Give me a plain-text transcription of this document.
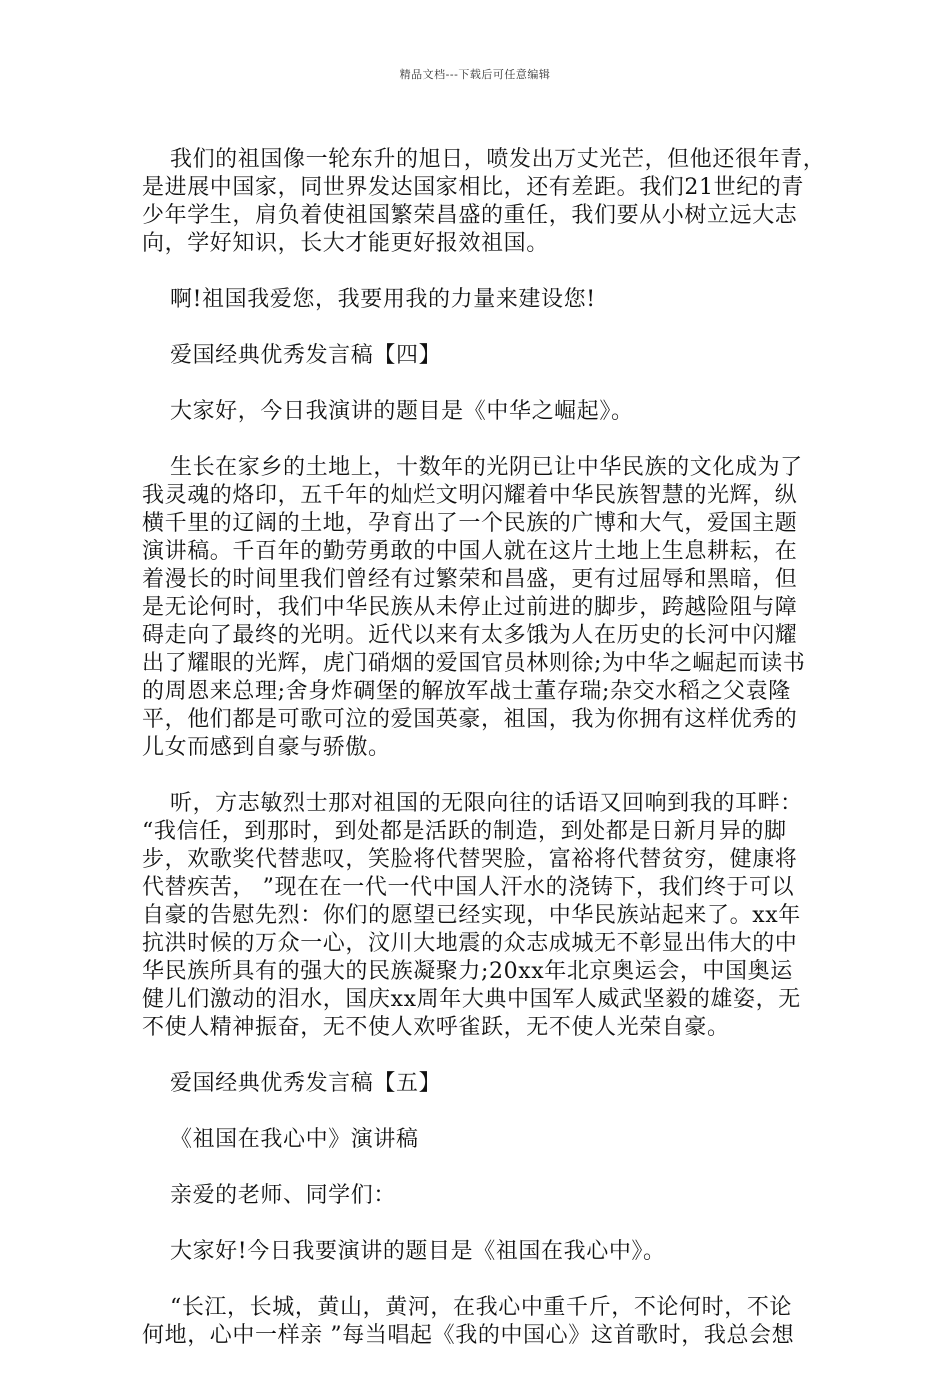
精品文档---下载后可任意编辑
我们的祖国像一轮东升的旭日，喷发出万丈光芒，但他还很年青，
是进展中国家，同世界发达国家相比，还有差距。我们21世纪的青
少年学生，肩负着使祖国繁荣昌盛的重任，我们要从小树立远大志
向，学好知识，长大才能更好报效祖国。
啊!祖国我爱您，我要用我的力量来建设您!
爱国经典优秀发言稿【四】
大家好，今日我演讲的题目是《中华之崛起》。
生长在家乡的土地上，十数年的光阴已让中华民族的文化成为了
我灵魂的烙印，五千年的灿烂文明闪耀着中华民族智慧的光辉，纵
横千里的辽阔的土地，孕育出了一个民族的广博和大气，爱国主题
演讲稿。千百年的勤劳勇敢的中国人就在这片土地上生息耕耘，在
着漫长的时间里我们曾经有过繁荣和昌盛，更有过屈辱和黑暗，但
是无论何时，我们中华民族从未停止过前进的脚步，跨越险阻与障
碍走向了最终的光明。近代以来有太多饿为人在历史的长河中闪耀
出了耀眼的光辉，虎门硝烟的爱国官员林则徐;为中华之崛起而读书
的周恩来总理;舍身炸碉堡的解放军战士董存瑞;杂交水稻之父袁隆
平，他们都是可歌可泣的爱国英豪，祖国，我为你拥有这样优秀的
儿女而感到自豪与骄傲。
听，方志敏烈士那对祖国的无限向往的话语又回响到我的耳畔：
“我信任，到那时，到处都是活跃的制造，到处都是日新月异的脚
步，欢歌奖代替悲叹，笑脸将代替哭脸，富裕将代替贫穷，健康将
代替疾苦， ”现在在一代一代中国人汗水的浇铸下，我们终于可以
自豪的告慰先烈：你们的愿望已经实现，中华民族站起来了。xx年
抗洪时候的万众一心，汶川大地震的众志成城无不彰显出伟大的中
华民族所具有的强大的民族凝聚力;20xx年北京奥运会，中国奥运
健儿们激动的泪水，国庆xx周年大典中国军人威武坚毅的雄姿，无
不使人精神振奋，无不使人欢呼雀跃，无不使人光荣自豪。
爱国经典优秀发言稿【五】
《祖国在我心中》演讲稿
亲爱的老师、同学们：
大家好!今日我要演讲的题目是《祖国在我心中》。
“长江，长城，黄山，黄河，在我心中重千斤，不论何时，不论
何地，心中一样亲 ”每当唱起《我的中国心》这首歌时，我总会想
